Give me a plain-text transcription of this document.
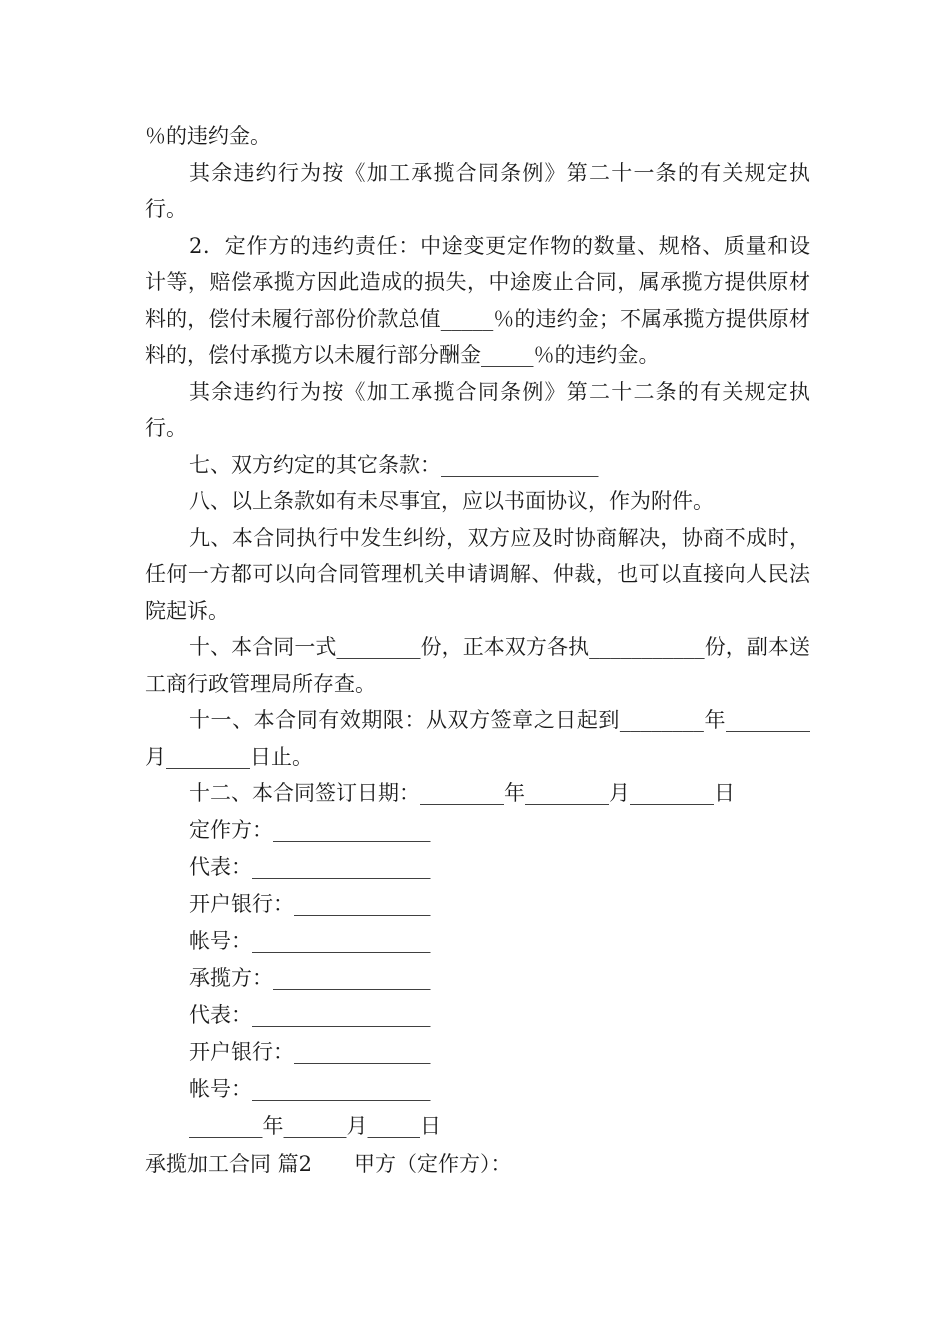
％的违约金。

其余违约行为按《加工承揽合同条例》第二十一条的有关规定执行。

2．定作方的违约责任：中途变更定作物的数量、规格、质量和设计等，赔偿承揽方因此造成的损失，中途废止合同，属承揽方提供原材料的，偿付未履行部份价款总值_____％的违约金；不属承揽方提供原材料的，偿付承揽方以未履行部分酬金_____％的违约金。

其余违约行为按《加工承揽合同条例》第二十二条的有关规定执行。

七、双方约定的其它条款：_______________

八、以上条款如有未尽事宜，应以书面协议，作为附件。

九、本合同执行中发生纠纷，双方应及时协商解决，协商不成时，任何一方都可以向合同管理机关申请调解、仲裁，也可以直接向人民法院起诉。

十、本合同一式________份，正本双方各执___________份，副本送工商行政管理局所存查。

十一、本合同有效期限：从双方签章之日起到________年________月________日止。

十二、本合同签订日期：________年________月________日

定作方：_______________

代表：_________________

开户银行：_____________

帐号：_________________

承揽方：_______________

代表：_________________

开户银行：_____________

帐号：_________________

_______年______月_____日

承揽加工合同 篇2　　甲方（定作方）：
